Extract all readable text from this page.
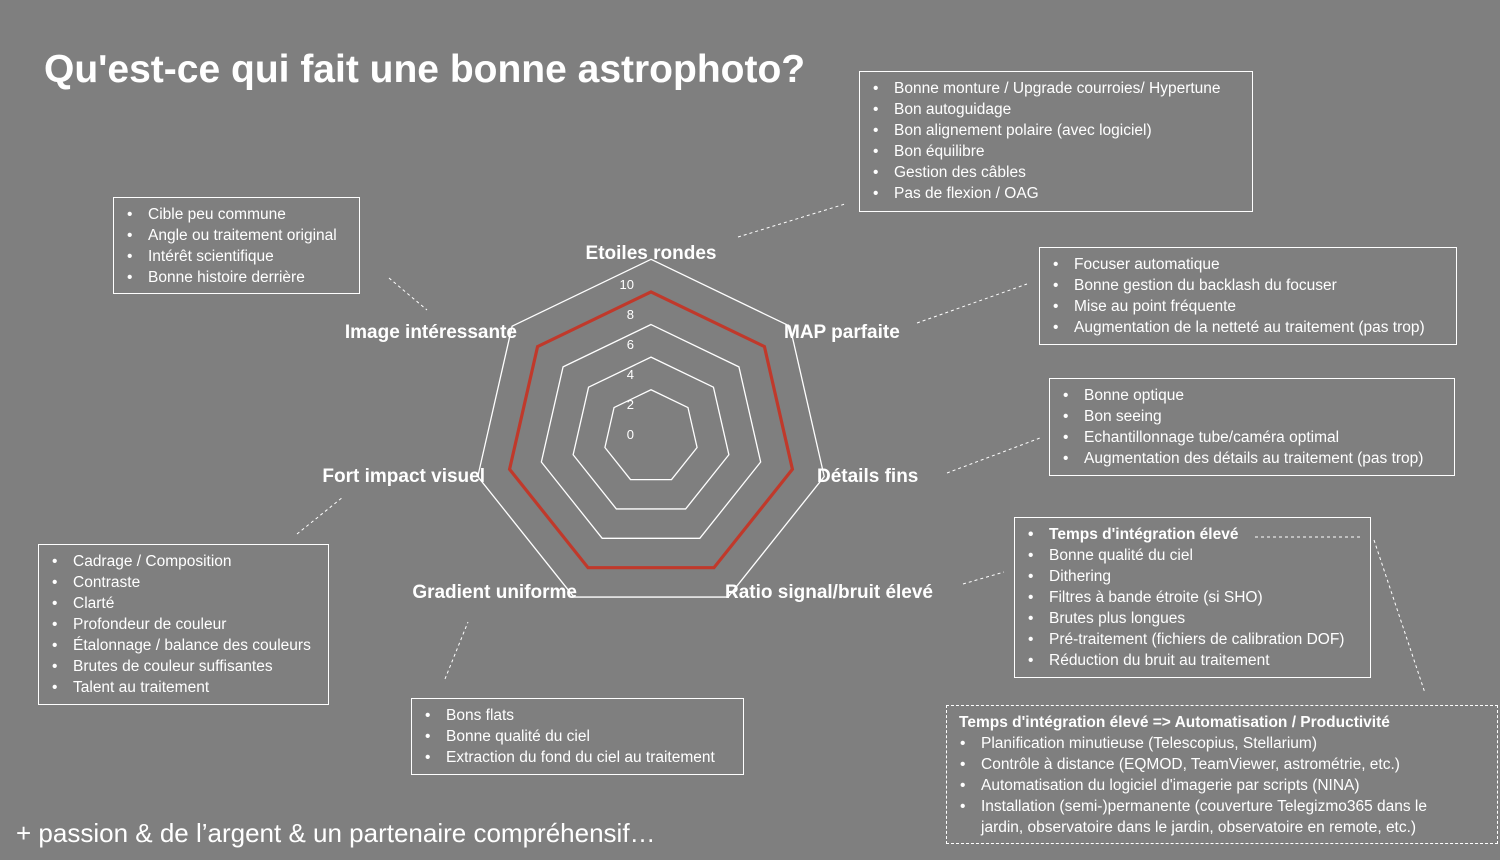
Qu'est-ce qui fait une bonne astrophoto?
0
2
4
6
8
10
Etoiles rondes
MAP parfaite
Détails fins
Ratio signal/bruit élevé
Gradient uniforme
Fort impact visuel
Image intéressante
• Bonne monture / Upgrade courroies/ Hypertune
• Bon autoguidage
• Bon alignement polaire (avec logiciel)
• Bon équilibre
• Gestion des câbles
• Pas de flexion / OAG
• Focuser automatique
• Bonne gestion du backlash du focuser
• Mise au point fréquente
• Augmentation de la netteté au traitement (pas trop)
• Bonne optique
• Bon seeing
• Echantillonnage tube/caméra optimal
• Augmentation des détails au traitement (pas trop)
• Temps d'intégration élevé
• Bonne qualité du ciel
• Dithering
• Filtres à bande étroite (si SHO)
• Brutes plus longues
• Pré-traitement (fichiers de calibration DOF)
• Réduction du bruit au traitement
• Bons flats
• Bonne qualité du ciel
• Extraction du fond du ciel au traitement
• Cadrage / Composition
• Contraste
• Clarté
• Profondeur de couleur
• Étalonnage / balance des couleurs
• Brutes de couleur suffisantes
• Talent au traitement
• Cible peu commune
• Angle ou traitement original
• Intérêt scientifique
• Bonne histoire derrière
Temps d'intégration élevé => Automatisation / Productivité
• Planification minutieuse (Telescopius, Stellarium)
• Contrôle à distance (EQMOD, TeamViewer, astrométrie, etc.)
• Automatisation du logiciel d'imagerie par scripts (NINA)
• Installation (semi-)permanente (couverture Telegizmo365 dans le
jardin, observatoire dans le jardin, observatoire en remote, etc.)
+ passion & de l’argent & un partenaire compréhensif…
